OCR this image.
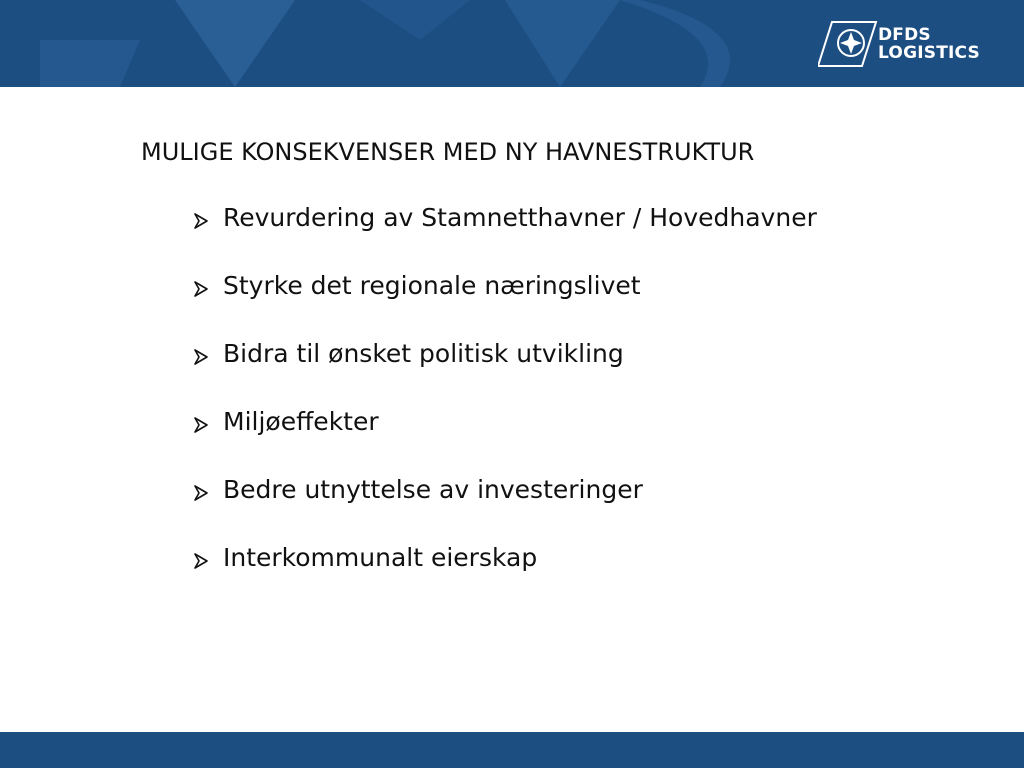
DFDS
LOGISTICS
MULIGE KONSEKVENSER MED NY HAVNESTRUKTUR
Revurdering av Stamnetthavner / Hovedhavner
Styrke det regionale næringslivet
Bidra til ønsket politisk utvikling
Miljøeffekter
Bedre utnyttelse av investeringer
Interkommunalt eierskap
